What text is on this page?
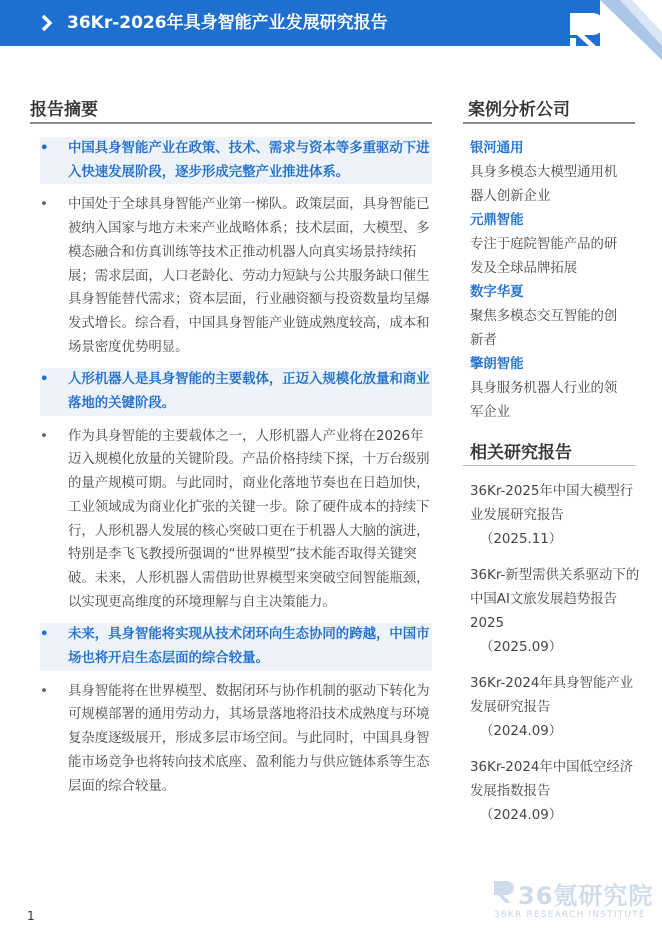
36Kr-2026年具身智能产业发展研究报告
报告摘要
• 中国具身智能产业在政策、技术、需求与资本等多重驱动下进入快速发展阶段，逐步形成完整产业推进体系。
• 中国处于全球具身智能产业第一梯队。政策层面，具身智能已被纳入国家与地方未来产业战略体系；技术层面，大模型、多模态融合和仿真训练等技术正推动机器人向真实场景持续拓展；需求层面，人口老龄化、劳动力短缺与公共服务缺口催生具身智能替代需求；资本层面，行业融资额与投资数量均呈爆发式增长。综合看，中国具身智能产业链成熟度较高，成本和场景密度优势明显。
• 人形机器人是具身智能的主要载体，正迈入规模化放量和商业落地的关键阶段。
• 作为具身智能的主要载体之一，人形机器人产业将在2026年迈入规模化放量的关键阶段。产品价格持续下探，十万台级别的量产规模可期。与此同时，商业化落地节奏也在日趋加快，工业领域成为商业化扩张的关键一步。除了硬件成本的持续下行，人形机器人发展的核心突破口更在于机器人大脑的演进，特别是李飞飞教授所强调的“世界模型”技术能否取得关键突破。未来，人形机器人需借助世界模型来突破空间智能瓶颈，以实现更高维度的环境理解与自主决策能力。
• 未来，具身智能将实现从技术闭环向生态协同的跨越，中国市场也将开启生态层面的综合较量。
• 具身智能将在世界模型、数据闭环与协作机制的驱动下转化为可规模部署的通用劳动力，其场景落地将沿技术成熟度与环境复杂度逐级展开，形成多层市场空间。与此同时，中国具身智能市场竞争也将转向技术底座、盈利能力与供应链体系等生态层面的综合较量。
案例分析公司
银河通用
具身多模态大模型通用机器人创新企业
元鼎智能
专注于庭院智能产品的研发及全球品牌拓展
数字华夏
聚焦多模态交互智能的创新者
擎朗智能
具身服务机器人行业的领军企业
相关研究报告
36Kr-2025年中国大模型行业发展研究报告
（2025.11）
36Kr-新型需供关系驱动下的中国AI文旅发展趋势报告2025
（2025.09）
36Kr-2024年具身智能产业发展研究报告
（2024.09）
36Kr-2024年中国低空经济发展指数报告
（2024.09）
1
36氪研究院
36KR RESEARCH INSTITUTE
